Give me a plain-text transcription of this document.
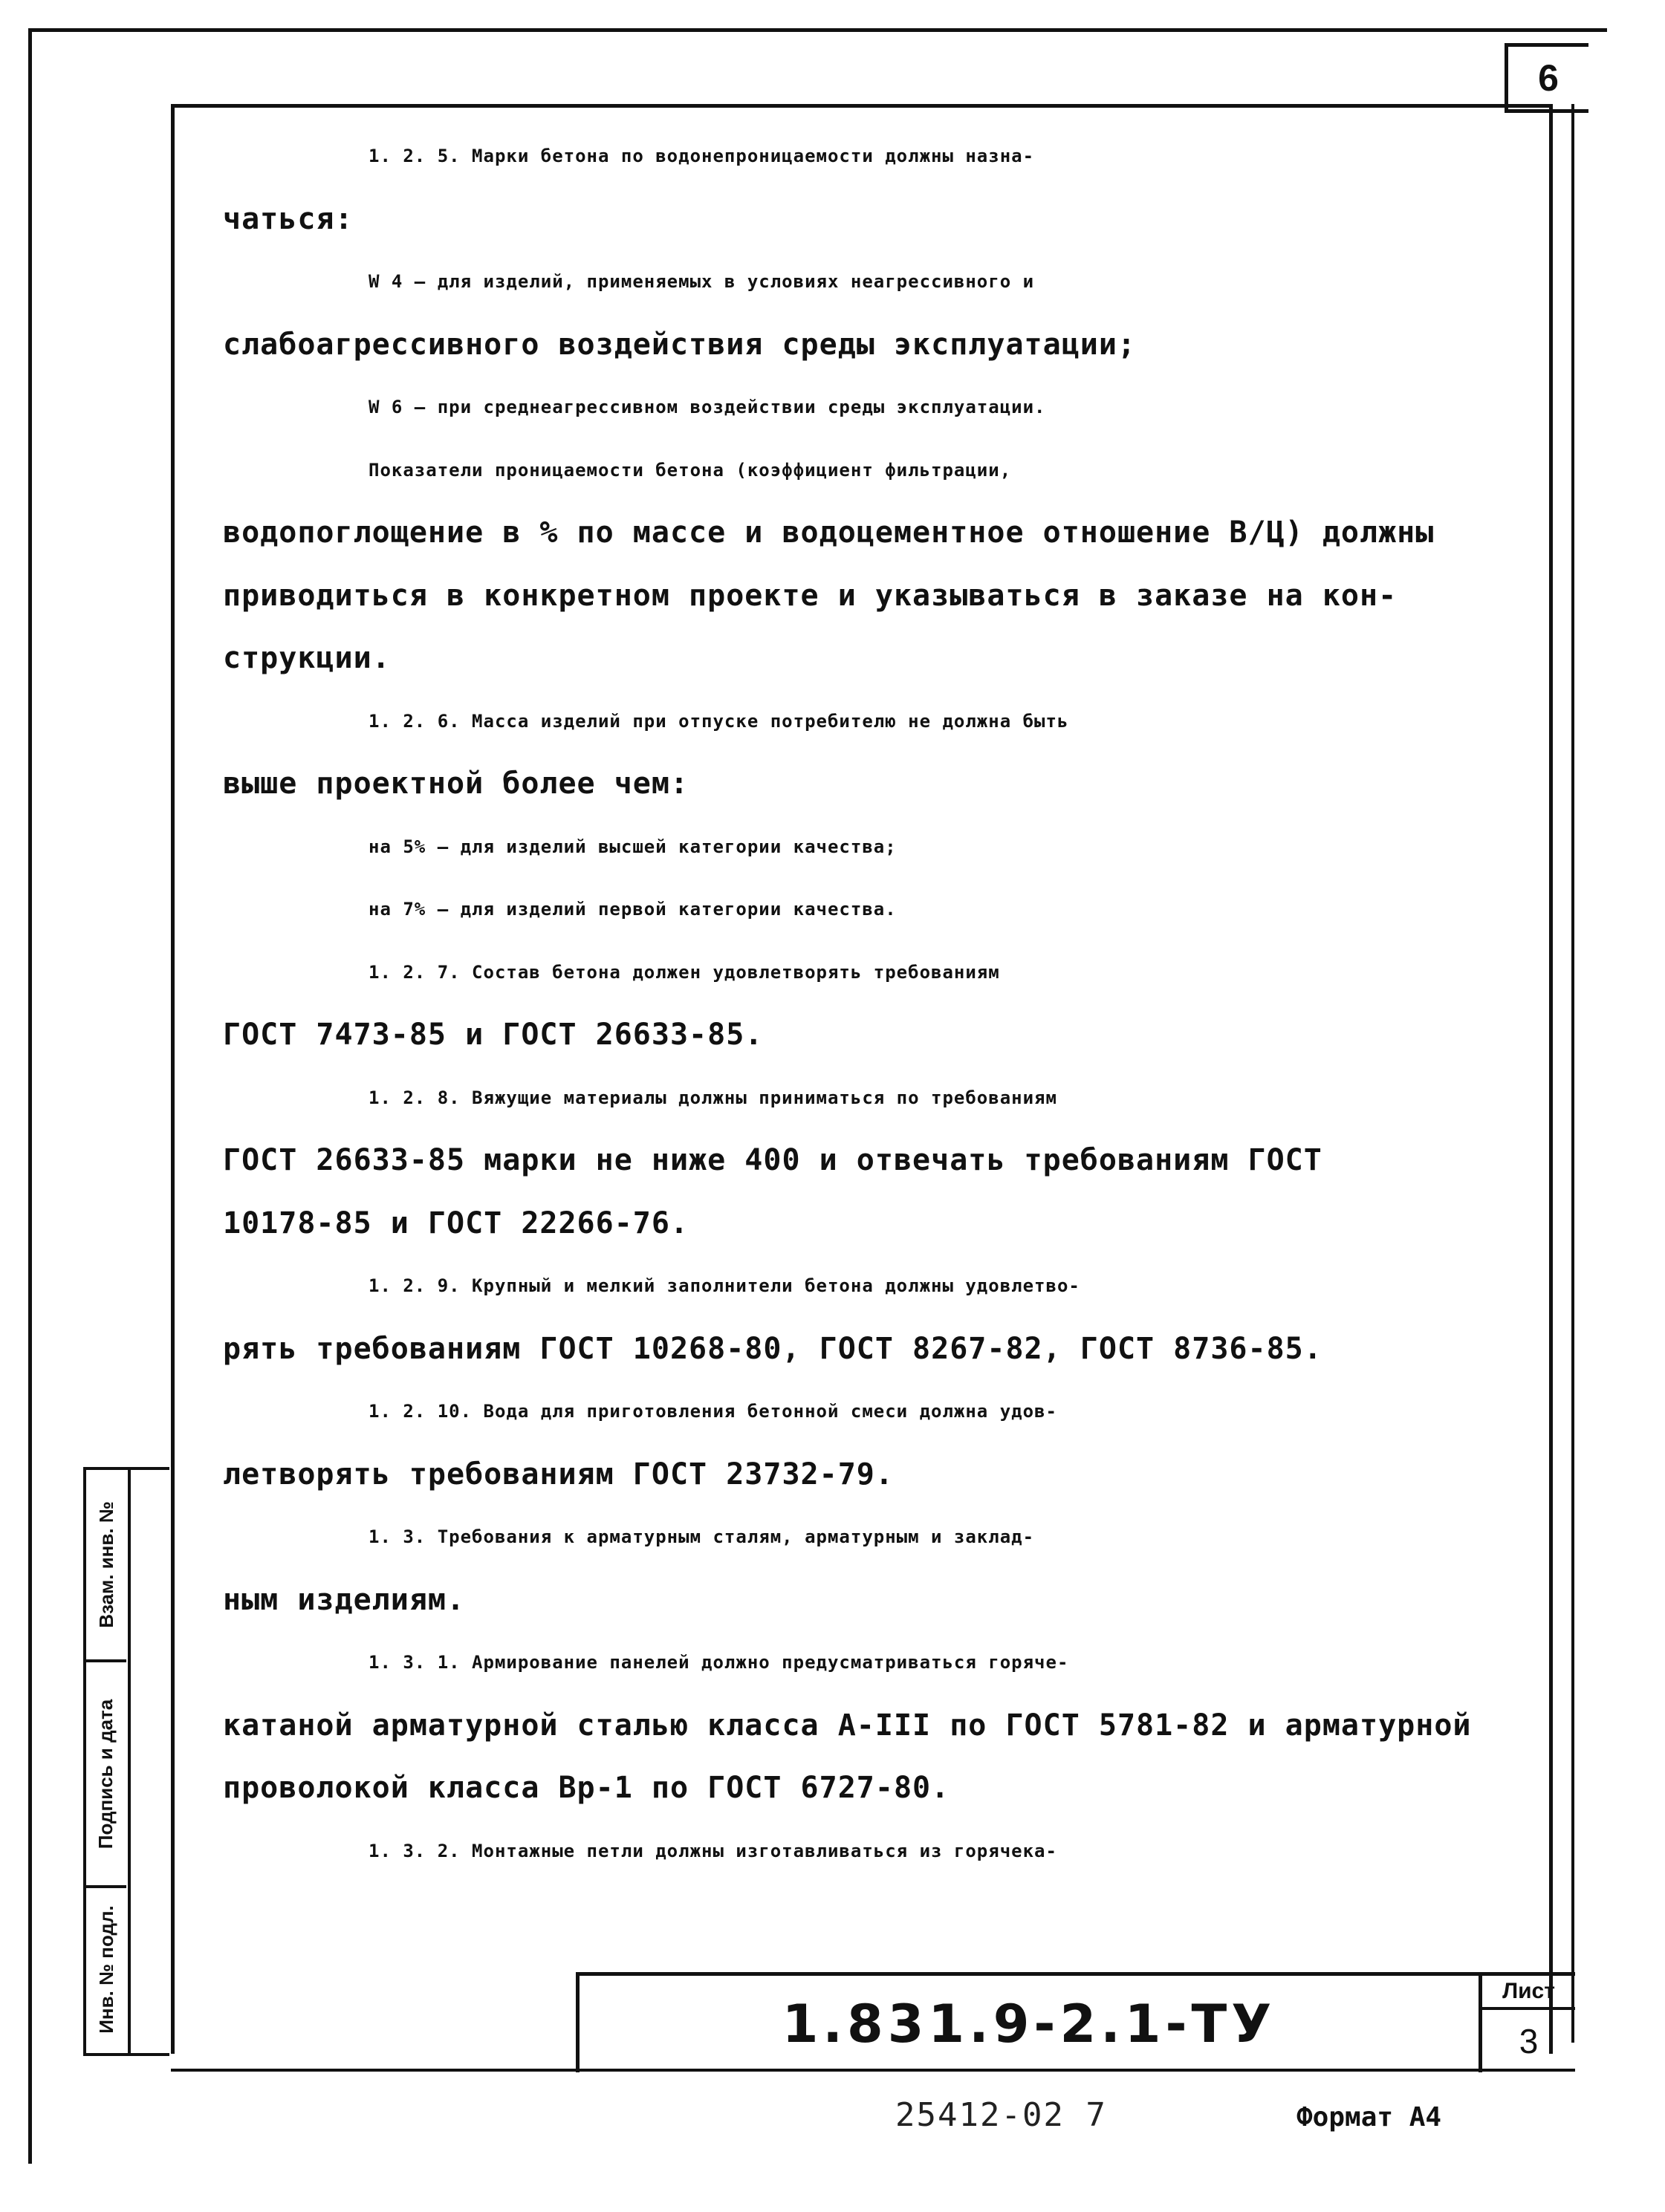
6

1. 2. 5. Марки бетона по водонепроницаемости должны назна-

чаться:

W 4 – для изделий, применяемых в условиях неагрессивного и

слабоагрессивного воздействия среды эксплуатации;

W 6 – при среднеагрессивном воздействии среды эксплуатации.

Показатели проницаемости бетона (коэффициент фильтрации,

водопоглощение в % по массе и водоцементное отношение В/Ц) должны

приводиться в конкретном проекте и указываться в заказе на кон-

струкции.

1. 2. 6. Масса изделий при отпуске потребителю не должна быть

выше проектной более чем:

на 5% – для изделий высшей категории качества;

на 7% – для изделий первой категории качества.

1. 2. 7. Состав бетона должен удовлетворять требованиям

ГОСТ 7473-85 и ГОСТ 26633-85.

1. 2. 8. Вяжущие материалы должны приниматься по требованиям

ГОСТ 26633-85 марки не ниже 400 и отвечать требованиям ГОСТ

10178-85 и ГОСТ 22266-76.

1. 2. 9. Крупный и мелкий заполнители бетона должны удовлетво-

рять требованиям ГОСТ 10268-80, ГОСТ 8267-82, ГОСТ 8736-85.

1. 2. 10. Вода для приготовления бетонной смеси должна удов-

летворять требованиям ГОСТ 23732-79.

1. 3. Требования к арматурным сталям, арматурным и заклад-

ным изделиям.

1. 3. 1. Армирование панелей должно предусматриваться горяче-

катаной арматурной сталью класса А-III по ГОСТ 5781-82 и арматурной

проволокой класса Вр-1 по ГОСТ 6727-80.

1. 3. 2. Монтажные петли должны изготавливаться из горячека-

Взам. инв. №
Подпись и дата
Инв. № подл.	1.831.9-2.1-ТУ
Лист
3
25412-02 7	Формат А4
